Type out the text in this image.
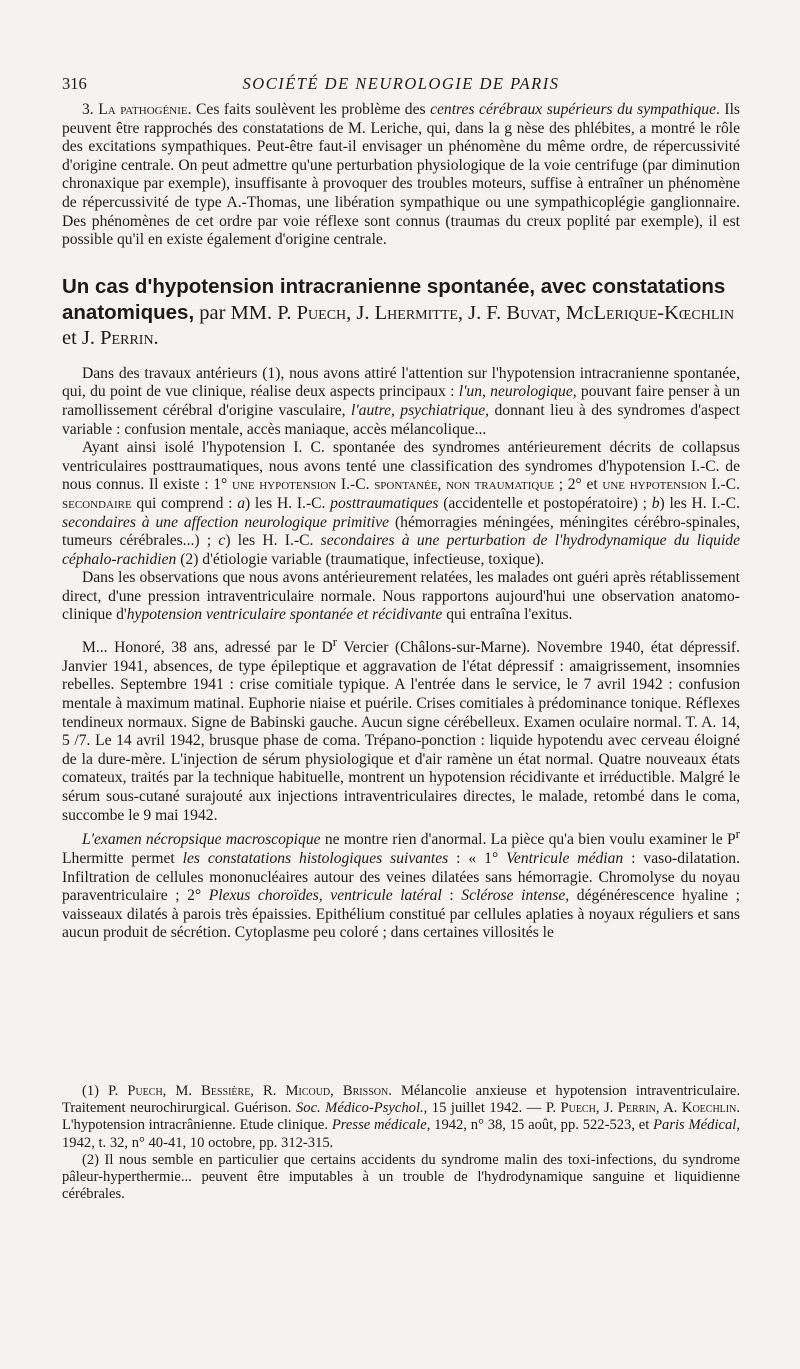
316	SOCIÉTÉ DE NEUROLOGIE DE PARIS

3. La pathogénie. Ces faits soulèvent les problème des centres cérébraux supérieurs du sympathique. Ils peuvent être rapprochés des constatations de M. Leriche, qui, dans la g nèse des phlébites, a montré le rôle des excitations sympathiques. Peut-être faut-il envisager un phénomène du même ordre, de répercussivité d'origine centrale. On peut admettre qu'une perturbation physiologique de la voie centrifuge (par diminution chronaxique par exemple), insuffisante à provoquer des troubles moteurs, suffise à entraîner un phénomène de répercussivité de type A.-Thomas, une libération sympathique ou une sympathicoplégie ganglionnaire. Des phénomènes de cet ordre par voie réflexe sont connus (traumas du creux poplité par exemple), il est possible qu'il en existe également d'origine centrale.

Un cas d'hypotension intracranienne spontanée, avec constatations anatomiques, par MM. P. Puech, J. Lhermitte, J. F. Buvat, McLerique-Kœchlin et J. Perrin.

Dans des travaux antérieurs (1), nous avons attiré l'attention sur l'hypotension intracranienne spontanée, qui, du point de vue clinique, réalise deux aspects principaux : l'un, neurologique, pouvant faire penser à un ramollissement cérébral d'origine vasculaire, l'autre, psychiatrique, donnant lieu à des syndromes d'aspect variable : confusion mentale, accès maniaque, accès mélancolique...

Ayant ainsi isolé l'hypotension I. C. spontanée des syndromes antérieurement décrits de collapsus ventriculaires posttraumatiques, nous avons tenté une classification des syndromes d'hypotension I.-C. de nous connus. Il existe : 1° une hypotension I.-C. spontanée, non traumatique ; 2° et une hypotension I.-C. secondaire qui comprend : a) les H. I.-C. posttraumatiques (accidentelle et postopératoire) ; b) les H. I.-C. secondaires à une affection neurologique primitive (hémorragies méningées, méningites cérébro-spinales, tumeurs cérébrales...) ; c) les H. I.-C. secondaires à une perturbation de l'hydrodynamique du liquide céphalo-rachidien (2) d'étiologie variable (traumatique, infectieuse, toxique).

Dans les observations que nous avons antérieurement relatées, les malades ont guéri après rétablissement direct, d'une pression intraventriculaire normale. Nous rapportons aujourd'hui une observation anatomo-clinique d'hypotension ventriculaire spontanée et récidivante qui entraîna l'exitus.

M... Honoré, 38 ans, adressé par le $D^r$ Vercier (Châlons-sur-Marne). Novembre 1940, état dépressif. Janvier 1941, absences, de type épileptique et aggravation de l'état dépressif : amaigrissement, insomnies rebelles. Septembre 1941 : crise comitiale typique. A l'entrée dans le service, le 7 avril 1942 : confusion mentale à maximum matinal. Euphorie niaise et puérile. Crises comitiales à prédominance tonique. Réflexes tendineux normaux. Signe de Babinski gauche. Aucun signe cérébelleux. Examen oculaire normal. T. A. 14, 5 /7. Le 14 avril 1942, brusque phase de coma. Trépano-ponction : liquide hypotendu avec cerveau éloigné de la dure-mère. L'injection de sérum physiologique et d'air ramène un état normal. Quatre nouveaux états comateux, traités par la technique habituelle, montrent un hypotension récidivante et irréductible. Malgré le sérum sous-cutané surajouté aux injections intraventriculaires directes, le malade, retombé dans le coma, succombe le 9 mai 1942.

L'examen nécropsique macroscopique ne montre rien d'anormal. La pièce qu'a bien voulu examiner le $P^r$ Lhermitte permet les constatations histologiques suivantes : « 1° Ventricule médian : vaso-dilatation. Infiltration de cellules mononucléaires autour des veines dilatées sans hémorragie. Chromolyse du noyau paraventriculaire ; 2° Plexus choroïdes, ventricule latéral : Sclérose intense, dégénérescence hyaline ; vaisseaux dilatés à parois très épaissies. Epithélium constitué par cellules aplaties à noyaux réguliers et sans aucun produit de sécrétion. Cytoplasme peu coloré ; dans certaines villosités le

(1) P. Puech, M. Bessière, R. Micoud, Brisson. Mélancolie anxieuse et hypotension intraventriculaire. Traitement neurochirurgical. Guérison. Soc. Médico-Psychol., 15 juillet 1942. — P. Puech, J. Perrin, A. Koechlin. L'hypotension intracrânienne. Etude clinique. Presse médicale, 1942, n° 38, 15 août, pp. 522-523, et Paris Médical, 1942, t. 32, n° 40-41, 10 octobre, pp. 312-315.

(2) Il nous semble en particulier que certains accidents du syndrome malin des toxi-infections, du syndrome pâleur-hyperthermie... peuvent être imputables à un trouble de l'hydrodynamique sanguine et liquidienne cérébrales.
